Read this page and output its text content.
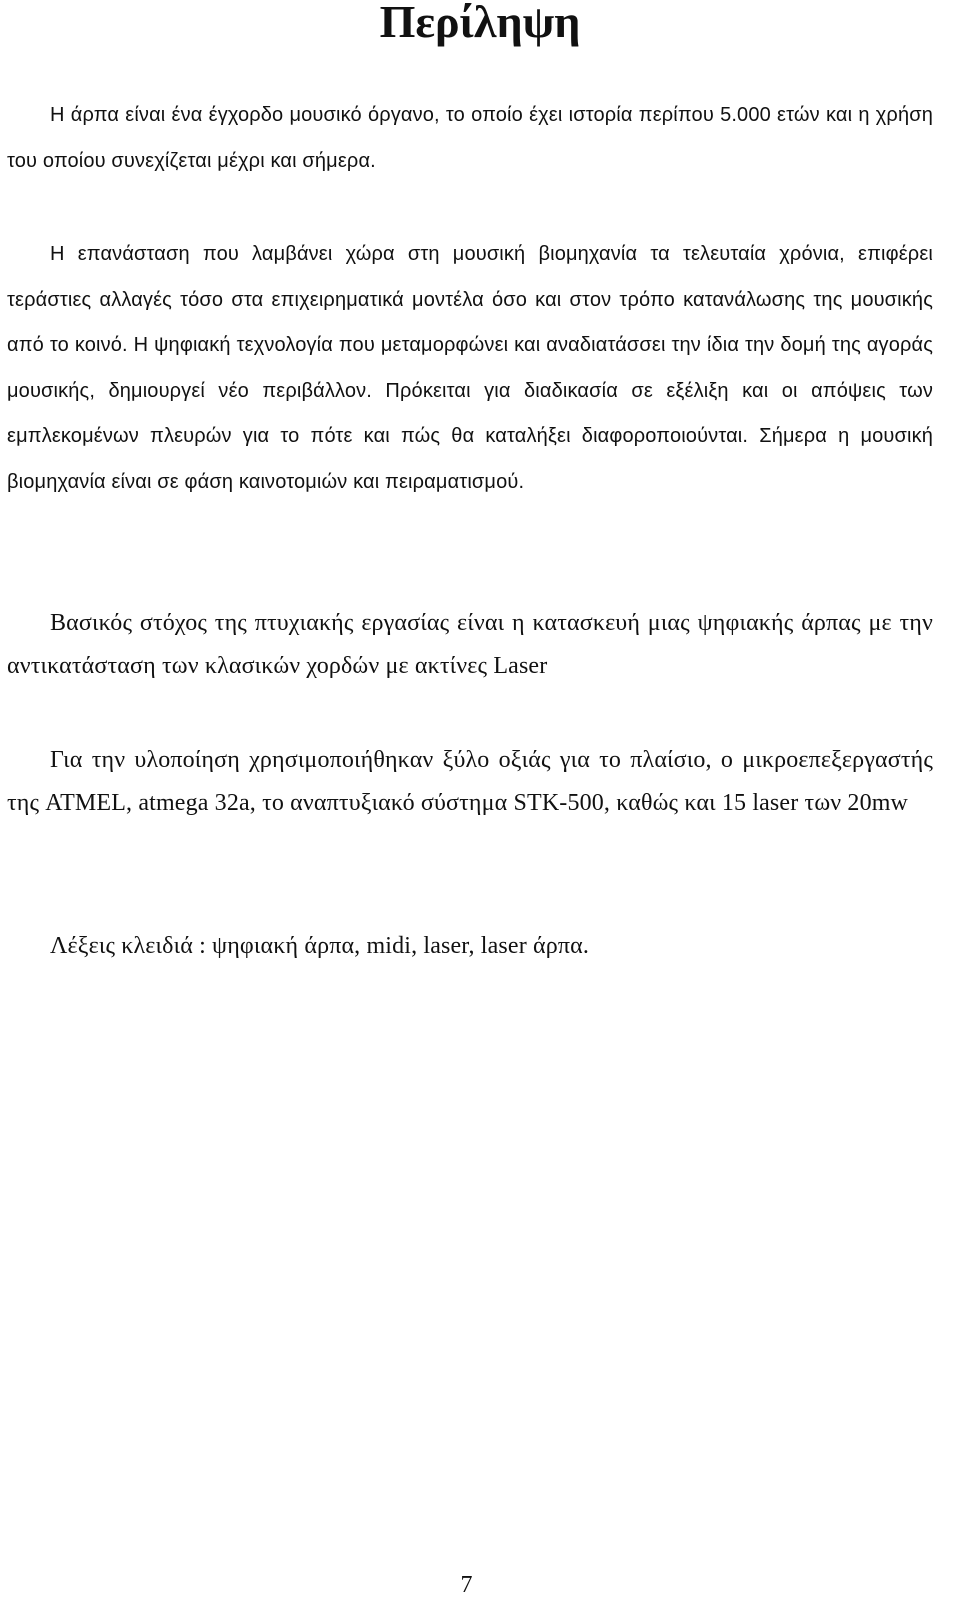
Περίληψη

Η άρπα είναι ένα έγχορδο μουσικό όργανο, το οποίο έχει ιστορία περίπου 5.000 ετών και η χρήση του οποίου συνεχίζεται μέχρι και σήμερα.

Η επανάσταση που λαμβάνει χώρα στη μουσική βιομηχανία τα τελευταία χρόνια, επιφέρει τεράστιες αλλαγές τόσο στα επιχειρηματικά μοντέλα όσο και στον τρόπο κατανάλωσης της μουσικής από το κοινό. Η ψηφιακή τεχνολογία που μεταμορφώνει και αναδιατάσσει την ίδια την δομή της αγοράς μουσικής, δημιουργεί νέο περιβάλλον. Πρόκειται για διαδικασία σε εξέλιξη και οι απόψεις των εμπλεκομένων πλευρών για το πότε και πώς θα καταλήξει διαφοροποιούνται. Σήμερα η μουσική βιομηχανία είναι σε φάση καινοτομιών και πειραματισμού.

Βασικός στόχος της πτυχιακής εργασίας είναι η κατασκευή μιας ψηφιακής άρπας με την αντικατάσταση των κλασικών χορδών με ακτίνες Laser

Για την υλοποίηση χρησιμοποιήθηκαν ξύλο οξιάς για το πλαίσιο, ο μικροεπεξεργαστής της ATMEL, atmega 32a, το αναπτυξιακό σύστημα STK-500, καθώς και 15 laser των 20mw

Λέξεις κλειδιά : ψηφιακή άρπα, midi, laser, laser άρπα.

7
